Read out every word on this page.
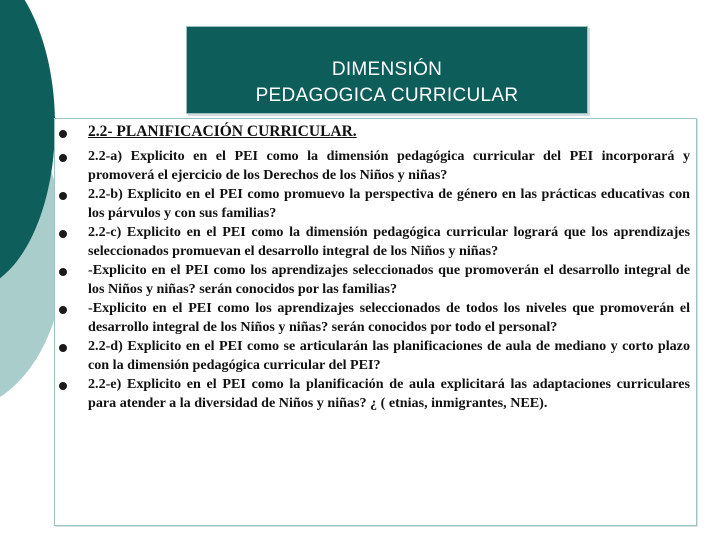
DIMENSIÓN
PEDAGOGICA CURRICULAR
2.2- PLANIFICACIÓN CURRICULAR.
2.2-a) Explicito en el PEI como la dimensión pedagógica curricular del PEI incorporará y promoverá el ejercicio de los Derechos de los Niños y niñas?
2.2-b) Explicito en el PEI como promuevo la perspectiva de género en las prácticas educativas con los párvulos y con sus familias?
2.2-c) Explicito en el PEI como la dimensión pedagógica curricular logrará que los aprendizajes seleccionados promuevan el desarrollo integral de los Niños y niñas?
-Explicito en el PEI como los aprendizajes seleccionados que promoverán el desarrollo integral de los Niños y niñas? serán conocidos por las familias?
-Explicito en el PEI como los aprendizajes seleccionados de todos los niveles que promoverán el desarrollo integral de los Niños y niñas? serán conocidos por todo el personal?
2.2-d) Explicito en el PEI como se articularán las planificaciones de aula de mediano y corto plazo con la dimensión pedagógica curricular del PEI?
2.2-e) Explicito en el PEI como la planificación de aula explicitará las adaptaciones curriculares para atender a la diversidad de Niños y niñas? ¿ ( etnias, inmigrantes, NEE).
